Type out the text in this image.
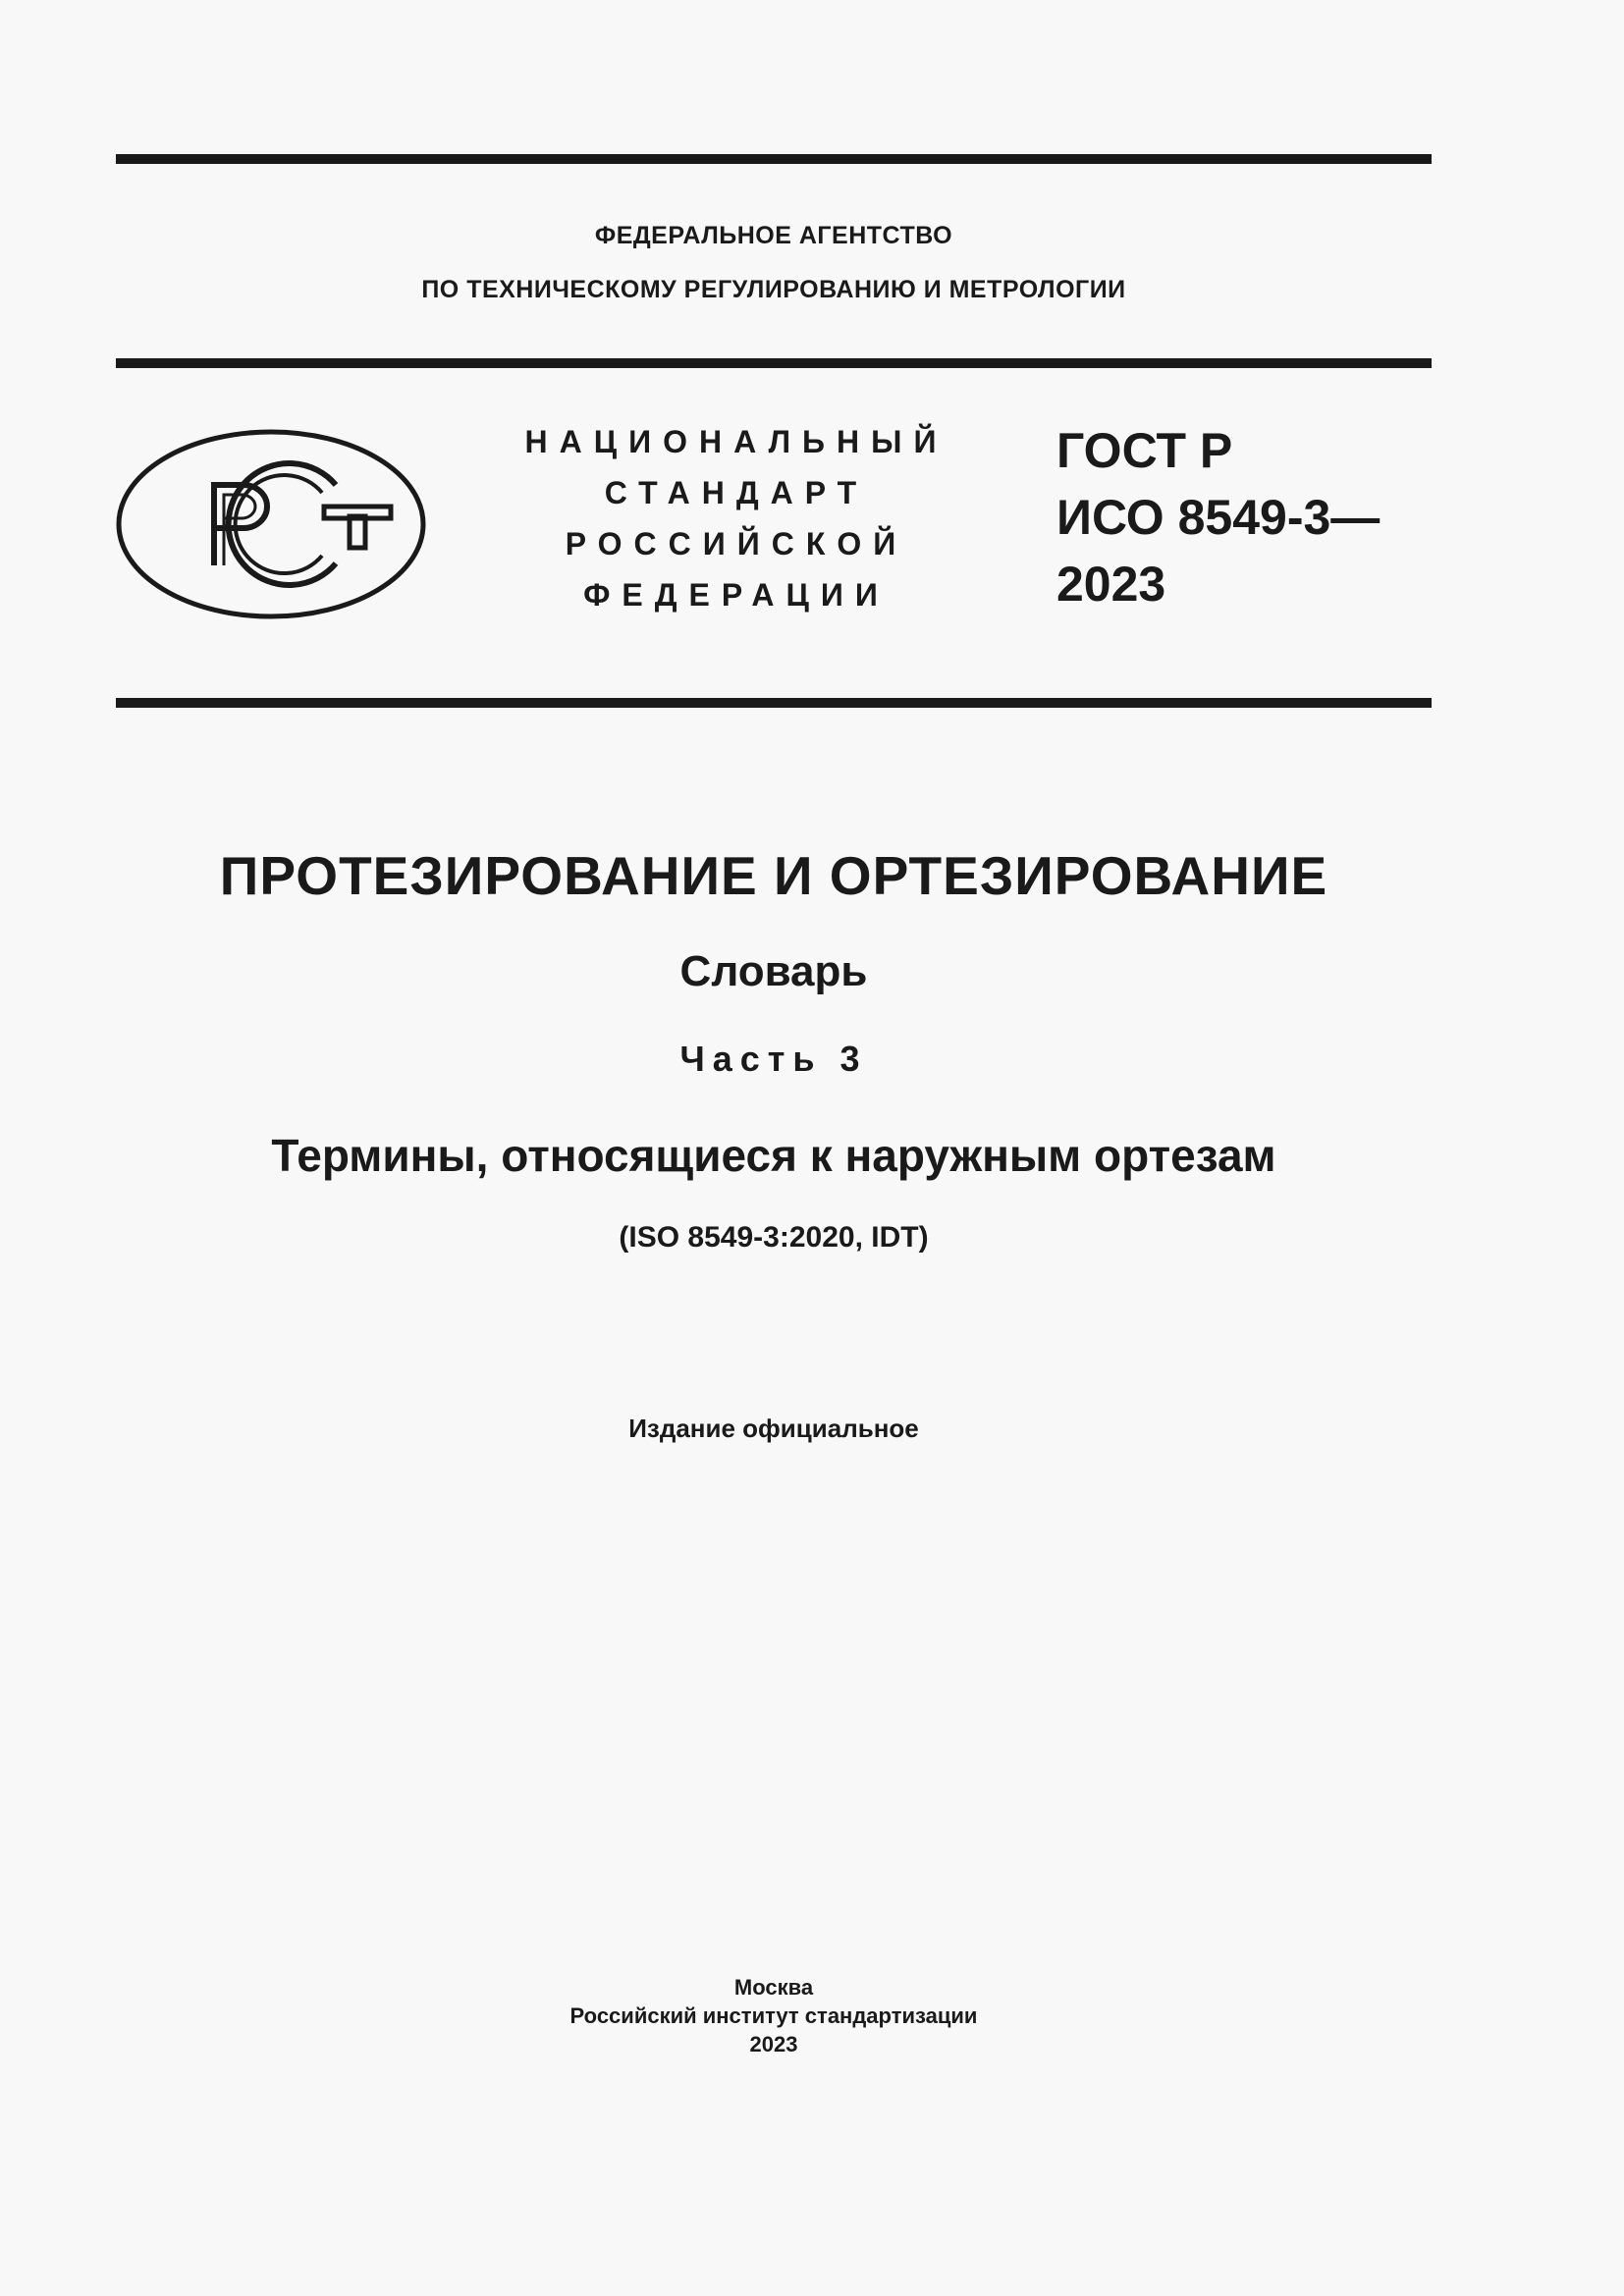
ФЕДЕРАЛЬНОЕ АГЕНТСТВО
ПО ТЕХНИЧЕСКОМУ РЕГУЛИРОВАНИЮ И МЕТРОЛОГИИ
НАЦИОНАЛЬНЫЙ
СТАНДАРТ
РОССИЙСКОЙ
ФЕДЕРАЦИИ
ГОСТ Р
ИСО 8549-3—
2023
ПРОТЕЗИРОВАНИЕ И ОРТЕЗИРОВАНИЕ
Словарь
Часть 3
Термины, относящиеся к наружным ортезам
(ISO 8549-3:2020, IDT)
Издание официальное
Москва
Российский институт стандартизации
2023
